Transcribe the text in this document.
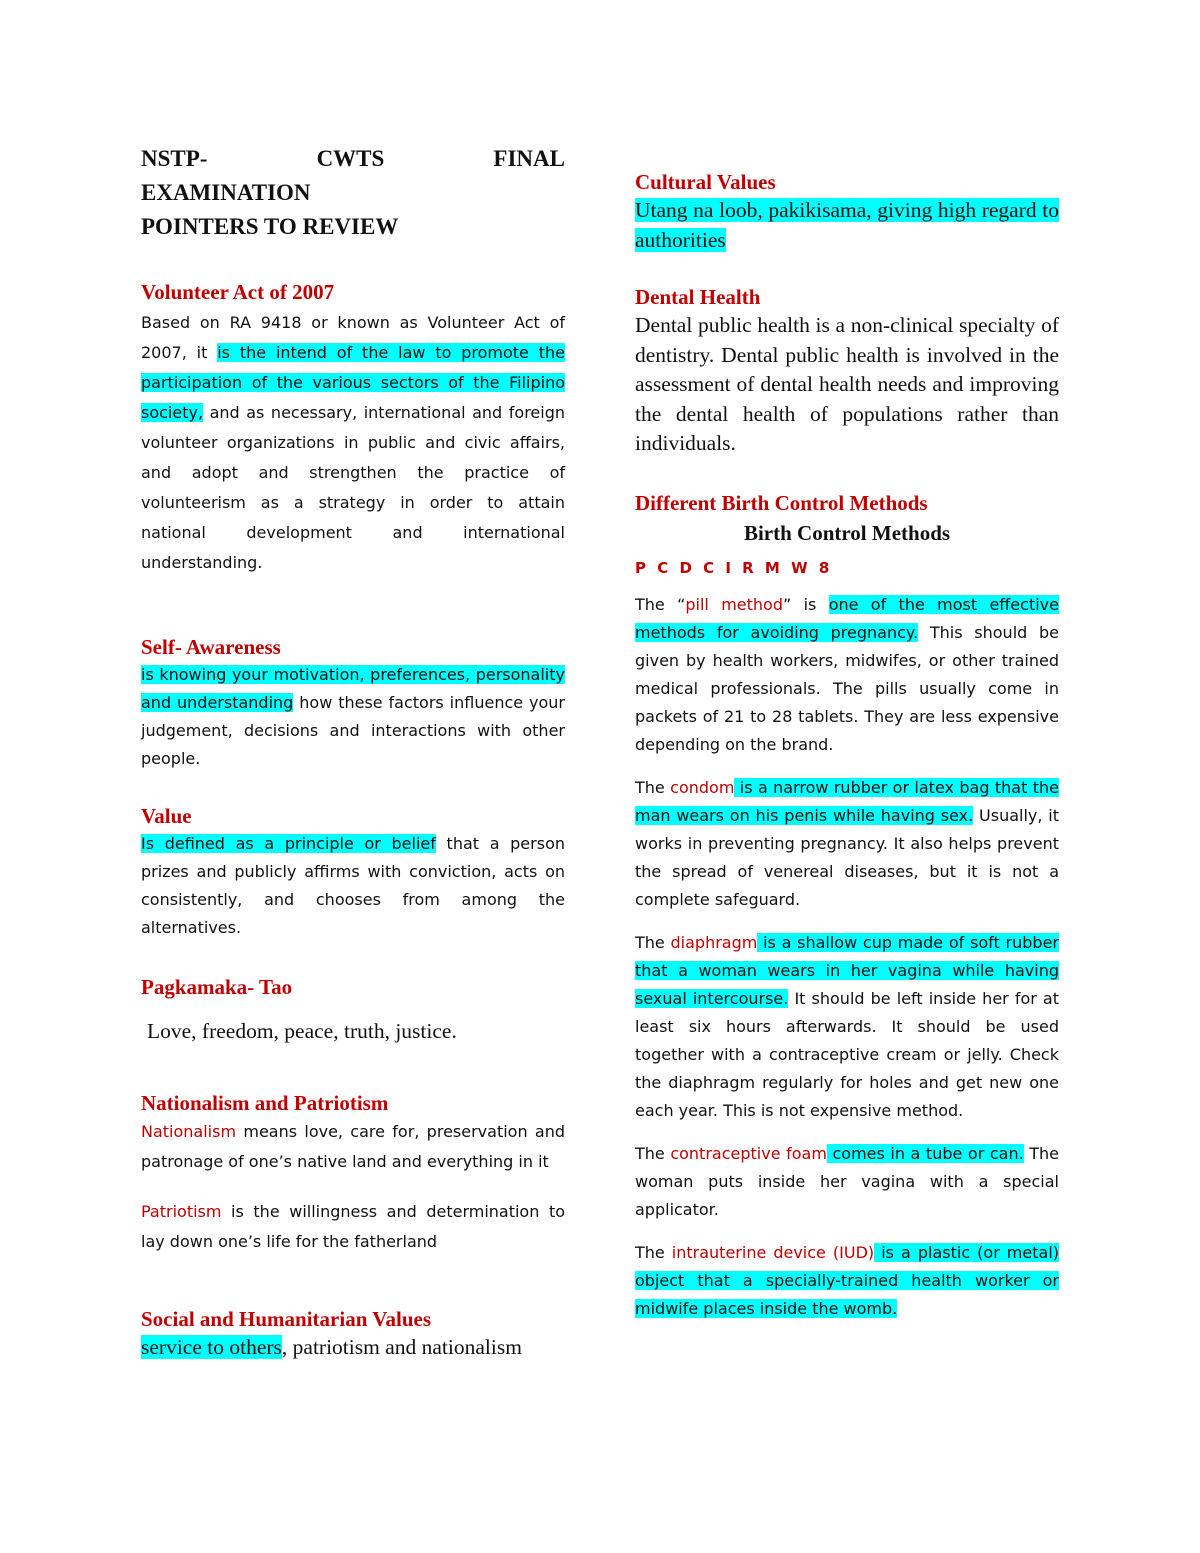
NSTP-	CWTS	FINAL
EXAMINATION
POINTERS TO REVIEW
Volunteer Act of 2007

Based on RA 9418 or known as Volunteer Act of 2007, it is the intend of the law to promote the participation of the various sectors of the Filipino society, and as necessary, international and foreign volunteer organizations in public and civic affairs, and adopt and strengthen the practice of volunteerism as a strategy in order to attain national development and international understanding.

Self- Awareness

is knowing your motivation, preferences, personality and understanding how these factors influence your judgement, decisions and interactions with other people.

Value

Is defined as a principle or belief that a person prizes and publicly affirms with conviction, acts on consistently, and chooses from among the alternatives.

Pagkamaka- Tao

Love, freedom, peace, truth, justice.

Nationalism and Patriotism

Nationalism means love, care for, preservation and patronage of one’s native land and everything in it

Patriotism is the willingness and determination to lay down one’s life for the fatherland

Social and Humanitarian Values

service to others, patriotism and nationalism

Cultural Values

Utang na loob, pakikisama, giving high regard to authorities

Dental Health

Dental public health is a non-clinical specialty of dentistry. Dental public health is involved in the assessment of dental health needs and improving the dental health of populations rather than individuals.

Different Birth Control Methods
Birth Control Methods
P C D C I R M W 8

The “pill method” is one of the most effective methods for avoiding pregnancy. This should be given by health workers, midwifes, or other trained medical professionals. The pills usually come in packets of 21 to 28 tablets. They are less expensive depending on the brand.

The condom is a narrow rubber or latex bag that the man wears on his penis while having sex. Usually, it works in preventing pregnancy. It also helps prevent the spread of venereal diseases, but it is not a complete safeguard.

The diaphragm is a shallow cup made of soft rubber that a woman wears in her vagina while having sexual intercourse. It should be left inside her for at least six hours afterwards. It should be used together with a contraceptive cream or jelly. Check the diaphragm regularly for holes and get new one each year. This is not expensive method.

The contraceptive foam comes in a tube or can. The woman puts inside her vagina with a special applicator.

The intrauterine device (IUD) is a plastic (or metal) object that a specially-trained health worker or midwife places inside the womb.
